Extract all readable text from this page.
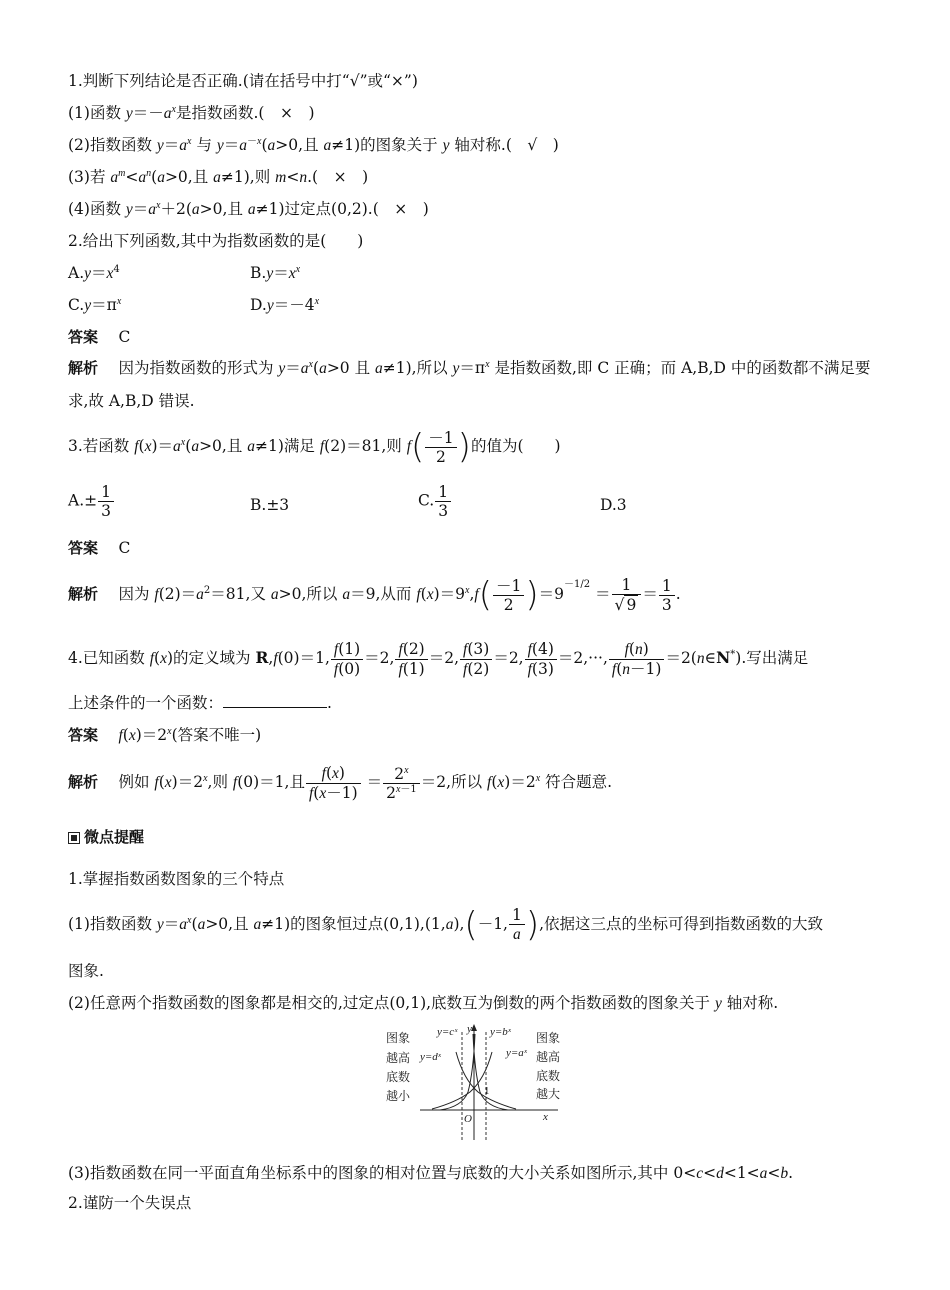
1.判断下列结论是否正确.(请在括号中打“√”或“×”)
(1)函数 $y=-a^x$是指数函数.(　×　)
(2)指数函数 $y=a^x$ 与 $y=a^{-x}(a>0$,且 a≠1)的图象关于 y 轴对称.(　√　)
(3)若 $a^m<a^n(a>0$,且 a≠1),则 m<n.(　×　)
(4)函数 $y=a^x+2(a>0$,且 a≠1)过定点(0,2).(　×　)
2.给出下列函数,其中为指数函数的是(　　)
$A.y=x^4$	$B.y=x^x$
$C.y=\pi^x$	$D.y=-4^x$
答案　 C
解析　 因为指数函数的形式为 $y=a^x(a>0$ 且 a≠1),所以 $y=\pi^x$ 是指数函数,即 C 正确；而 A,B,D 中的函数都不满足要求,故 A,B,D 错误.
3.若函数 $f(x)=a^x(a>0$,且 a≠1)满足 f(2)＝81,则 $f( \frac{-1}{2}$ )的值为(　　)
$A.\pm \frac{1}{3}$	B.±3	C. $\frac{1}{3}$	D.3
答案　 C
解析　 因为 $f(2)=a^2=81$,又 a>0,所以 a＝9,从而 $f(x)=9^x,f( \frac{-1}{2} )=9^{-1/2} = \frac{1}{√ 9} = \frac{1}{3}$ .
4.已知函数 f(x)的定义域为 R,f(0)＝1, $\frac{f(1)}{f(0)} =2$, $\frac{f(2)}{f(1)} =2$, $\frac{f(3)}{f(2)} =2$, $\frac{f(4)}{f(3)} =2,\cdot\cdot\cdot$, $\frac{f(n)}{f(n-1)}$ ＝2(n∈N*).写出满足
上述条件的一个函数：	.
答案　 $f(x)=2^x$(答案不唯一)
解析　 例如 $f(x)=2^x$,则 f(0)＝1,且 $\frac{f(x)}{f(x-1)} = \frac{2^x}{2^{x-1}} =2$,所以 $f(x)=2^x$ 符合题意.
微点提醒
1.掌握指数函数图象的三个特点
(1)指数函数 $y=a^x(a>0$,且 a≠1)的图象恒过点(0,1),(1,a),(－1, $\frac{1}{a}$ ),依据这三点的坐标可得到指数函数的大致
图象.
(2)任意两个指数函数的图象都是相交的,过定点(0,1),底数互为倒数的两个指数函数的图象关于 y 轴对称.
图象
越高
底数
越小
图象
越高
底数
越大
y=cˣ
y=dˣ
y=bˣ
y=aˣ
y
x
O
1
(3)指数函数在同一平面直角坐标系中的图象的相对位置与底数的大小关系如图所示,其中 0<c<d<1<a<b.
2.谨防一个失误点
